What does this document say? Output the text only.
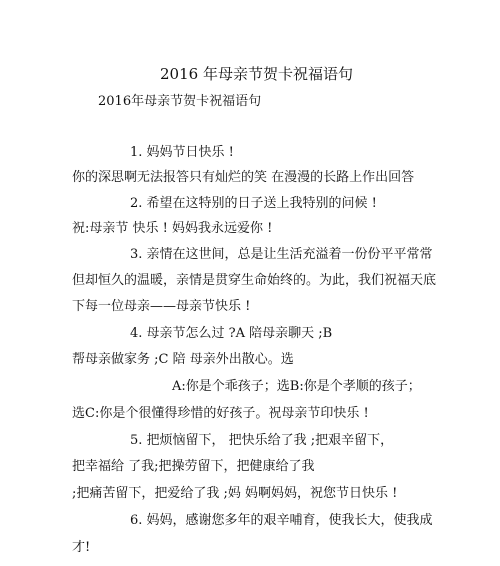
2016 年母亲节贺卡祝福语句
2016年母亲节贺卡祝福语句
1. 妈妈节日快乐 !
你的深思啊无法报答只有灿烂的笑 在漫漫的长路上作出回答
2. 希望在这特别的日子送上我特别的问候 !
祝:母亲节 快乐 ! 妈妈我永远爱你 !
3. 亲情在这世间，总是让生活充溢着一份份平平常常
但却恒久的温暖，亲情是贯穿生命始终的。为此，我们祝福天底
下每一位母亲——母亲节快乐 !
4. 母亲节怎么过 ?A 陪母亲聊天 ;B
帮母亲做家务 ;C 陪 母亲外出散心。选
A:你是个乖孩子；选B:你是个孝顺的孩子；
选C:你是个很懂得珍惜的好孩子。祝母亲节印快乐 !
5. 把烦恼留下， 把快乐给了我 ;把艰辛留下，
把幸福给 了我;把操劳留下，把健康给了我
;把痛苦留下，把爱给了我 ;妈 妈啊妈妈，祝您节日快乐 !
6. 妈妈，感谢您多年的艰辛哺育，使我长大，使我成
才!
